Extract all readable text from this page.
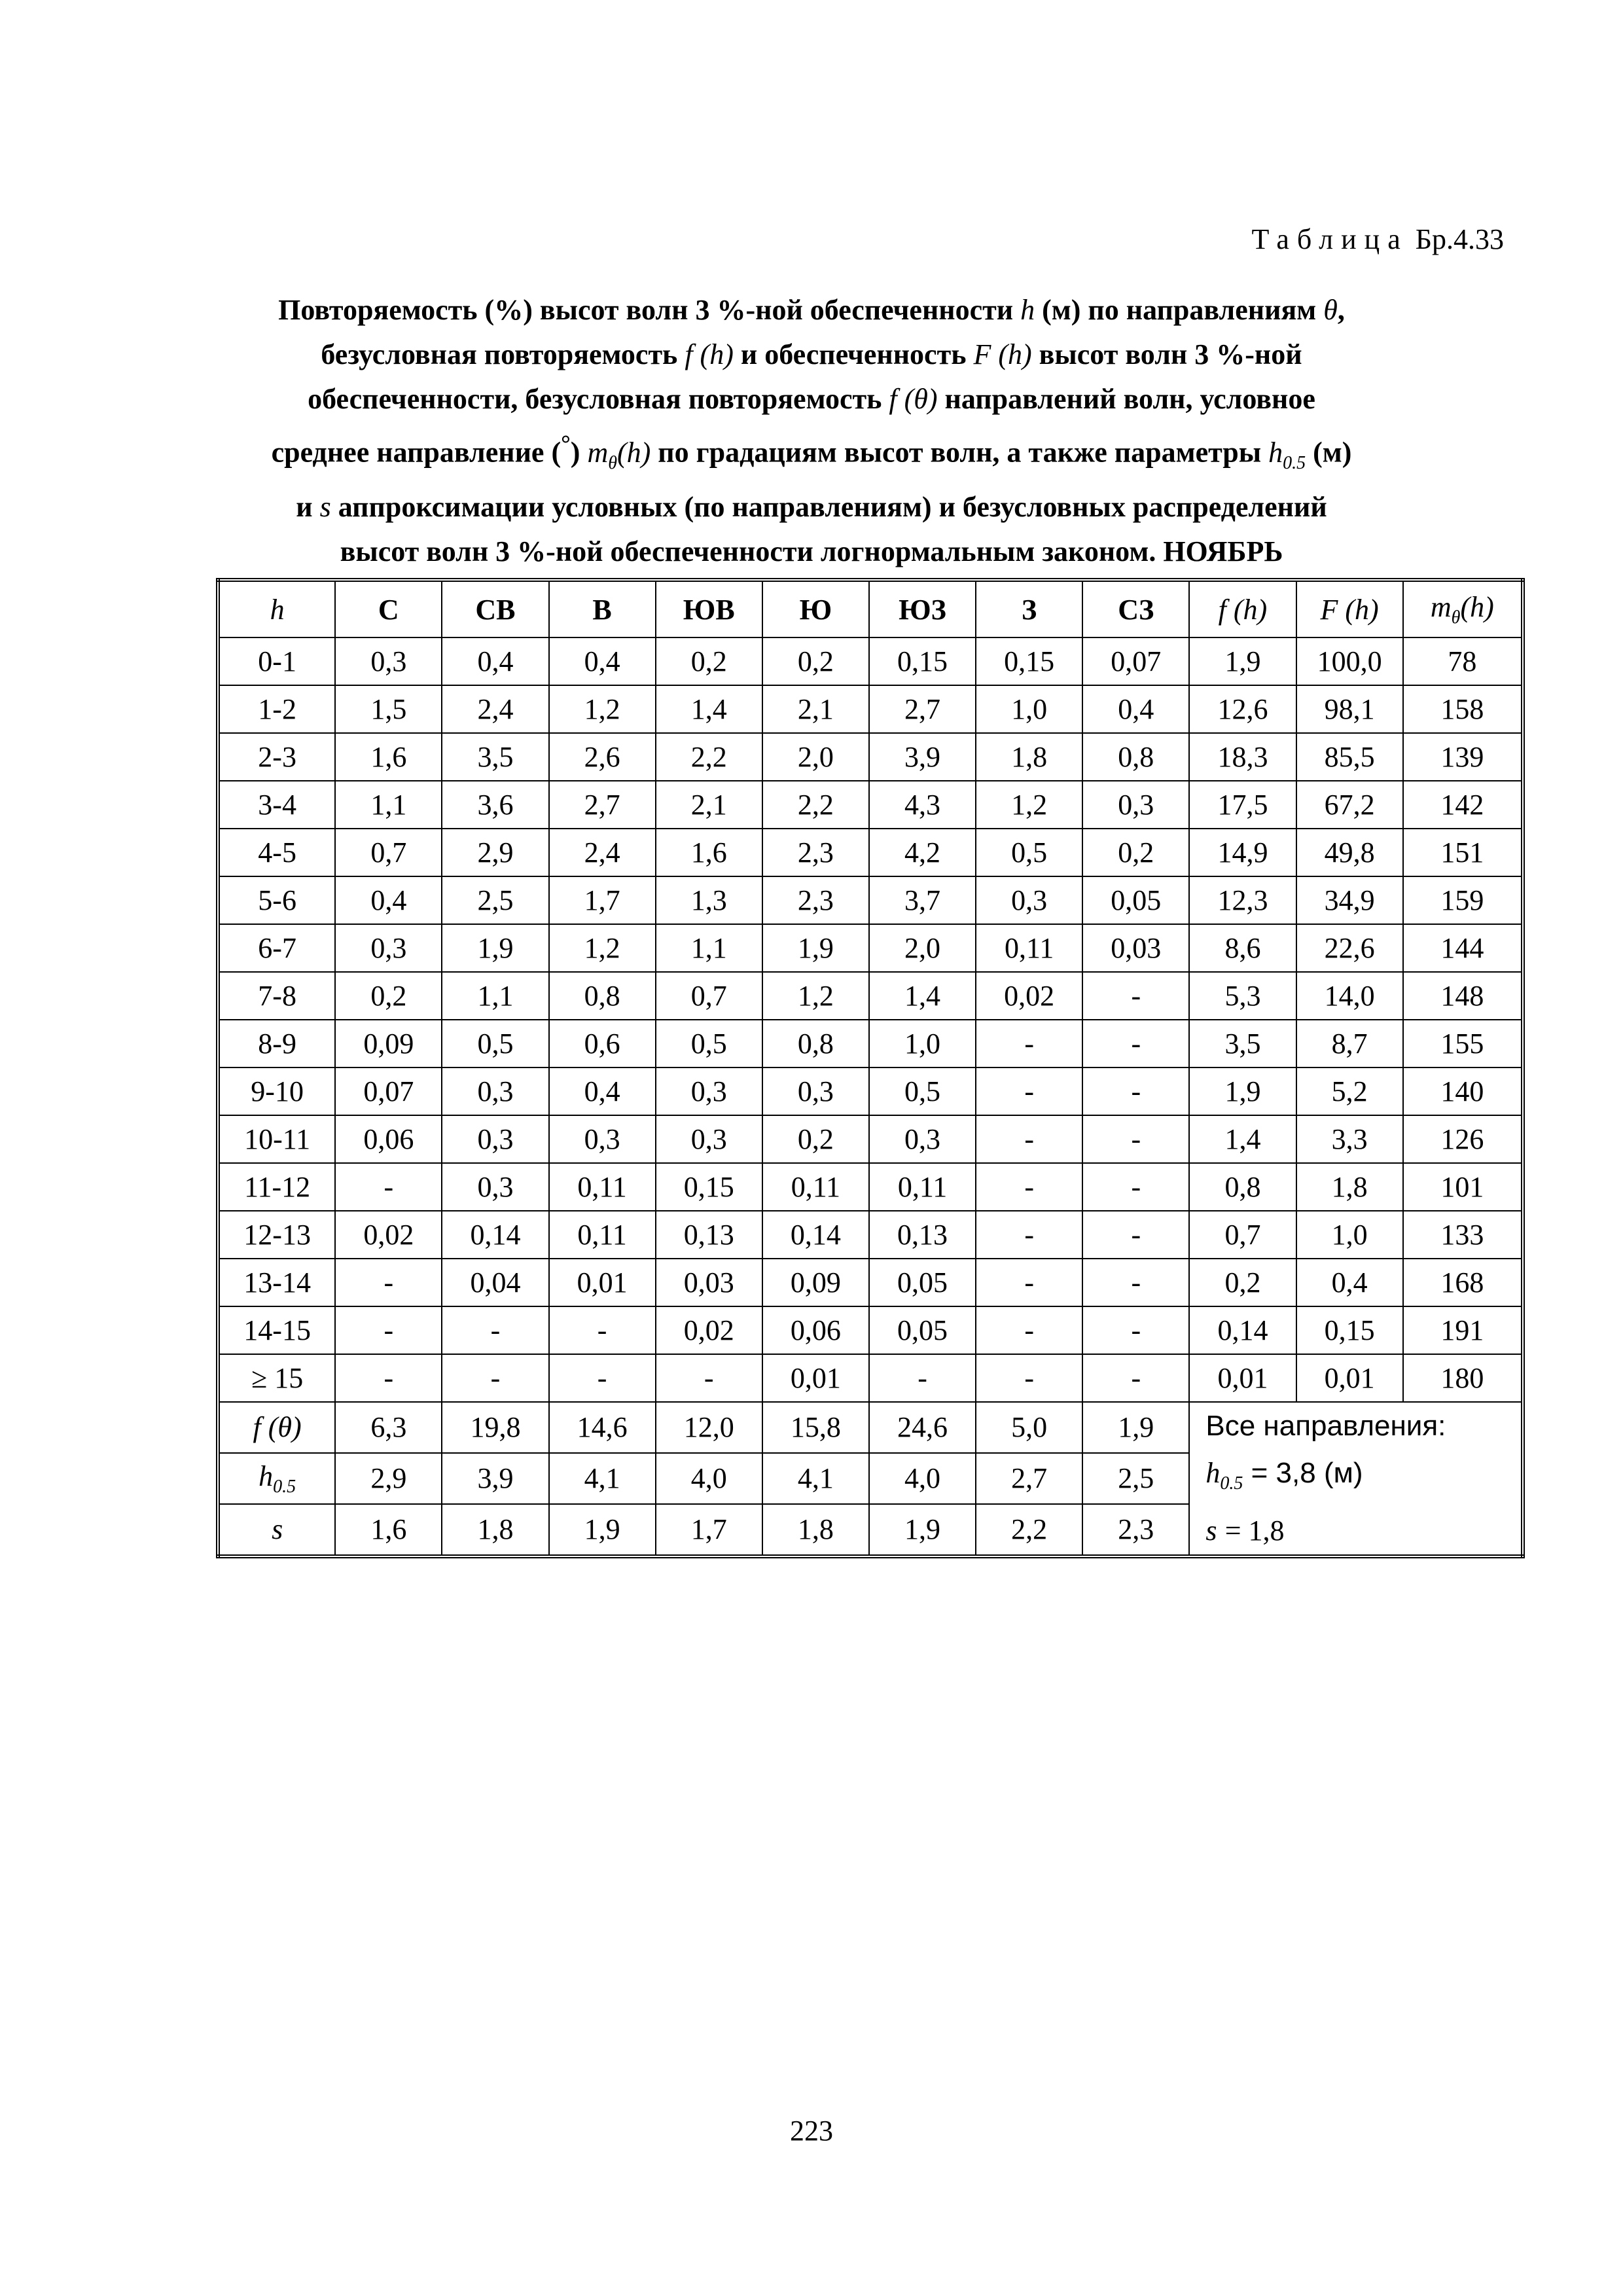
Таблица Бр.4.33
Повторяемость (%) высот волн 3 %-ной обеспеченности h (м) по направлениям θ,
безусловная повторяемость f (h) и обеспеченность F (h) высот волн 3 %-ной
обеспеченности, безусловная повторяемость f (θ) направлений волн, условное
среднее направление (°) $m_\theta(h)$ по градациям высот волн, а также параметры $h_{0.5}$ (м)
и s аппроксимации условных (по направлениям) и безусловных распределений
высот волн 3 %-ной обеспеченности логнормальным законом. НОЯБРЬ
h	С	СВ	В	ЮВ	Ю	ЮЗ	З	СЗ	f (h)	F (h)	$m_\theta(h)$
0-1	0,3	0,4	0,4	0,2	0,2	0,15	0,15	0,07	1,9	100,0	78
1-2	1,5	2,4	1,2	1,4	2,1	2,7	1,0	0,4	12,6	98,1	158
2-3	1,6	3,5	2,6	2,2	2,0	3,9	1,8	0,8	18,3	85,5	139
3-4	1,1	3,6	2,7	2,1	2,2	4,3	1,2	0,3	17,5	67,2	142
4-5	0,7	2,9	2,4	1,6	2,3	4,2	0,5	0,2	14,9	49,8	151
5-6	0,4	2,5	1,7	1,3	2,3	3,7	0,3	0,05	12,3	34,9	159
6-7	0,3	1,9	1,2	1,1	1,9	2,0	0,11	0,03	8,6	22,6	144
7-8	0,2	1,1	0,8	0,7	1,2	1,4	0,02	-	5,3	14,0	148
8-9	0,09	0,5	0,6	0,5	0,8	1,0	-	-	3,5	8,7	155
9-10	0,07	0,3	0,4	0,3	0,3	0,5	-	-	1,9	5,2	140
10-11	0,06	0,3	0,3	0,3	0,2	0,3	-	-	1,4	3,3	126
11-12	-	0,3	0,11	0,15	0,11	0,11	-	-	0,8	1,8	101
12-13	0,02	0,14	0,11	0,13	0,14	0,13	-	-	0,7	1,0	133
13-14	-	0,04	0,01	0,03	0,09	0,05	-	-	0,2	0,4	168
14-15	-	-	-	0,02	0,06	0,05	-	-	0,14	0,15	191
≥ 15	-	-	-	-	0,01	-	-	-	0,01	0,01	180
f (θ)	6,3	19,8	14,6	12,0	15,8	24,6	5,0	1,9	Все направления:
$h_{0.5} = 3,8$ (м)
s = 1,8		

$h_{0.5}$	2,9	3,9	4,1	4,0	4,1	4,0	2,7	2,5			
s	1,6	1,8	1,9	1,7	1,8	1,9	2,2	2,3			
223
